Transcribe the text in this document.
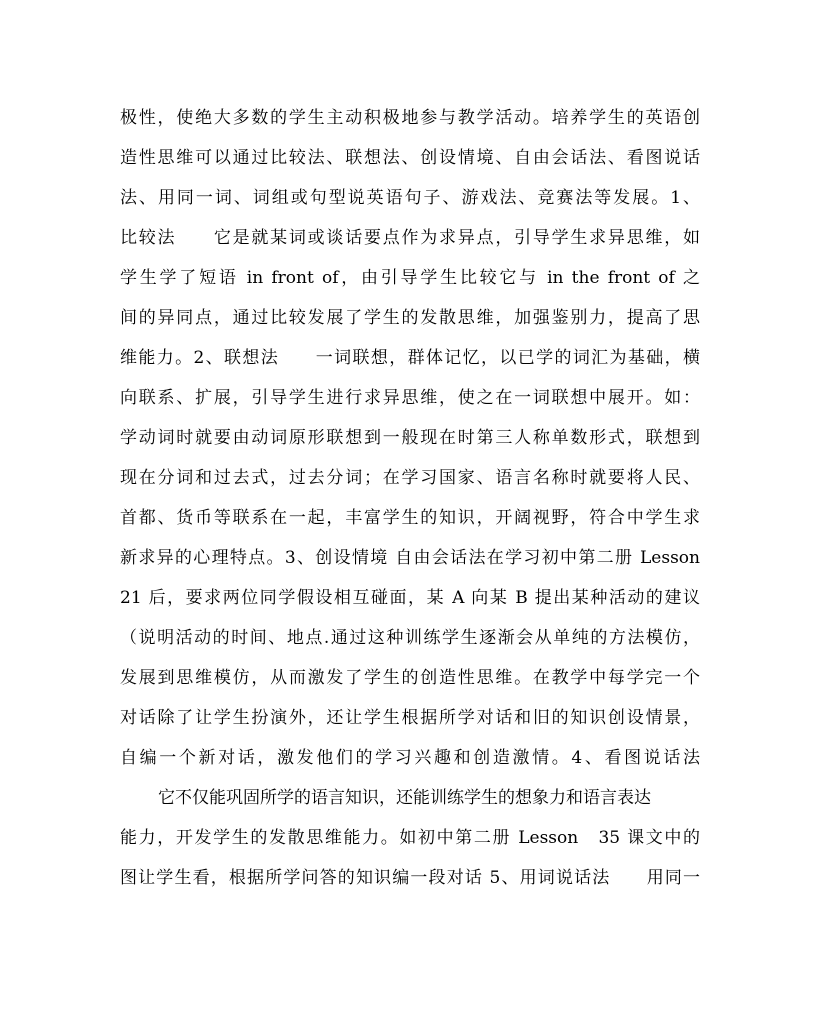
极性，使绝大多数的学生主动积极地参与教学活动。培养学生的英语创
造性思维可以通过比较法、联想法、创设情境、自由会话法、看图说话
法、用同一词、词组或句型说英语句子、游戏法、竞赛法等发展。1、
比较法　　它是就某词或谈话要点作为求异点，引导学生求异思维，如
学生学了短语 in front of，由引导学生比较它与 in the front of 之
间的异同点，通过比较发展了学生的发散思维，加强鉴别力，提高了思
维能力。2、联想法　　一词联想，群体记忆，以已学的词汇为基础，横
向联系、扩展，引导学生进行求异思维，使之在一词联想中展开。如：
学动词时就要由动词原形联想到一般现在时第三人称单数形式，联想到
现在分词和过去式，过去分词；在学习国家、语言名称时就要将人民、
首都、货币等联系在一起，丰富学生的知识，开阔视野，符合中学生求
新求异的心理特点。3、创设情境 自由会话法在学习初中第二册 Lesson
21 后，要求两位同学假设相互碰面，某 A 向某 B 提出某种活动的建议
（说明活动的时间、地点.通过这种训练学生逐渐会从单纯的方法模仿，
发展到思维模仿，从而激发了学生的创造性思维。在教学中每学完一个
对话除了让学生扮演外，还让学生根据所学对话和旧的知识创设情景，
自编一个新对话，激发他们的学习兴趣和创造激情。4、看图说话法
它不仅能巩固所学的语言知识，还能训练学生的想象力和语言表达
能力，开发学生的发散思维能力。如初中第二册 Lesson　35 课文中的
图让学生看，根据所学问答的知识编一段对话 5、用词说话法　　用同一
